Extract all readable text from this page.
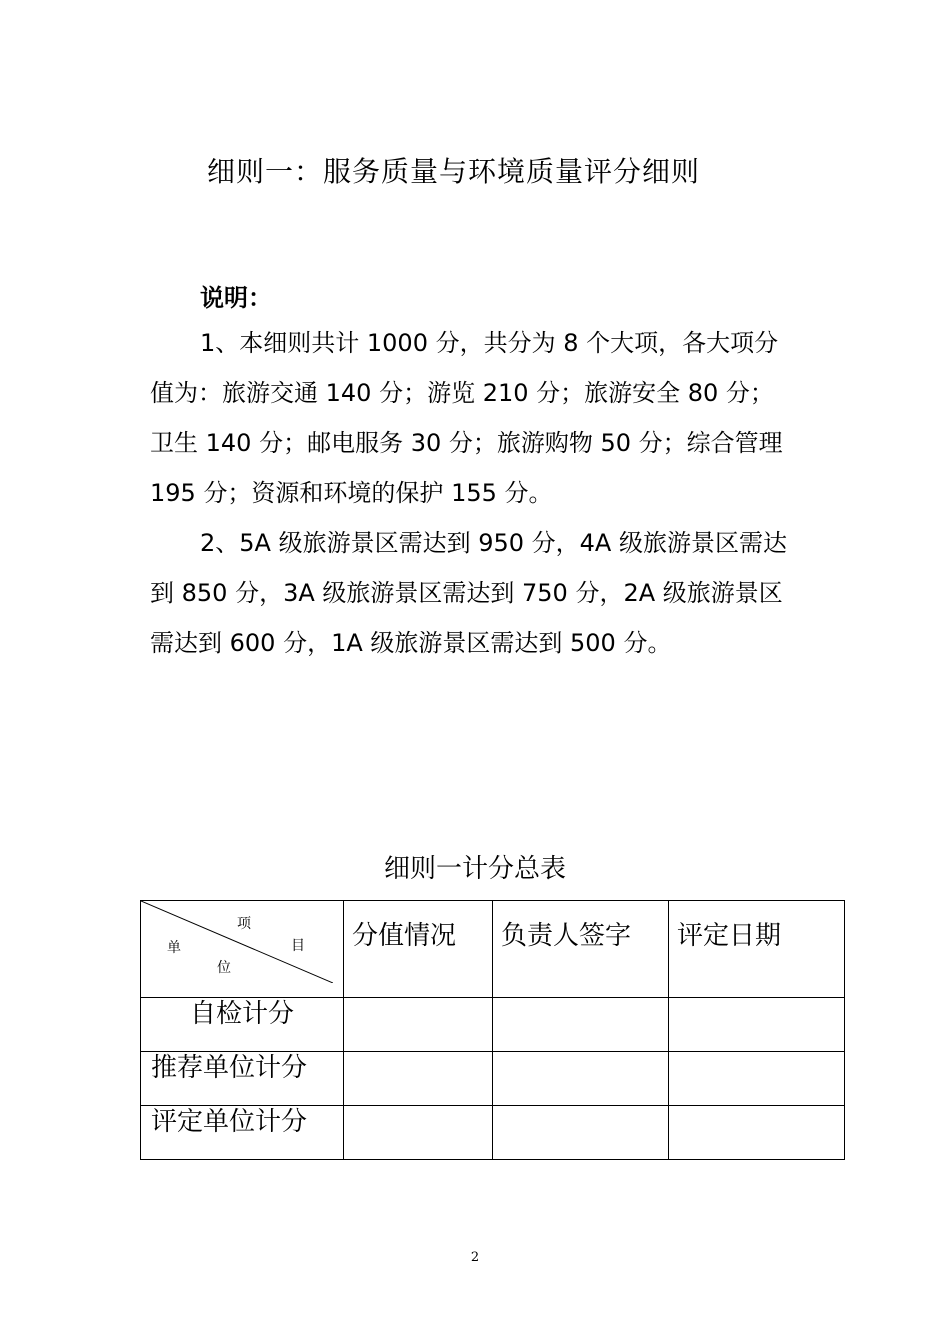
细则一：服务质量与环境质量评分细则
说明：

1、本细则共计 1000 分，共分为 8 个大项，各大项分
值为：旅游交通 140 分；游览 210 分；旅游安全 80 分；
卫生 140 分；邮电服务 30 分；旅游购物 50 分；综合管理
195 分；资源和环境的保护 155 分。

2、5A 级旅游景区需达到 950 分，4A 级旅游景区需达
到 850 分，3A 级旅游景区需达到 750 分，2A 级旅游景区
需达到 600 分，1A 级旅游景区需达到 500 分。

细则一计分总表
项
目
单
位	分值情况	负责人签字	评定日期
自检计分			
推荐单位计分			
评定单位计分			
2
